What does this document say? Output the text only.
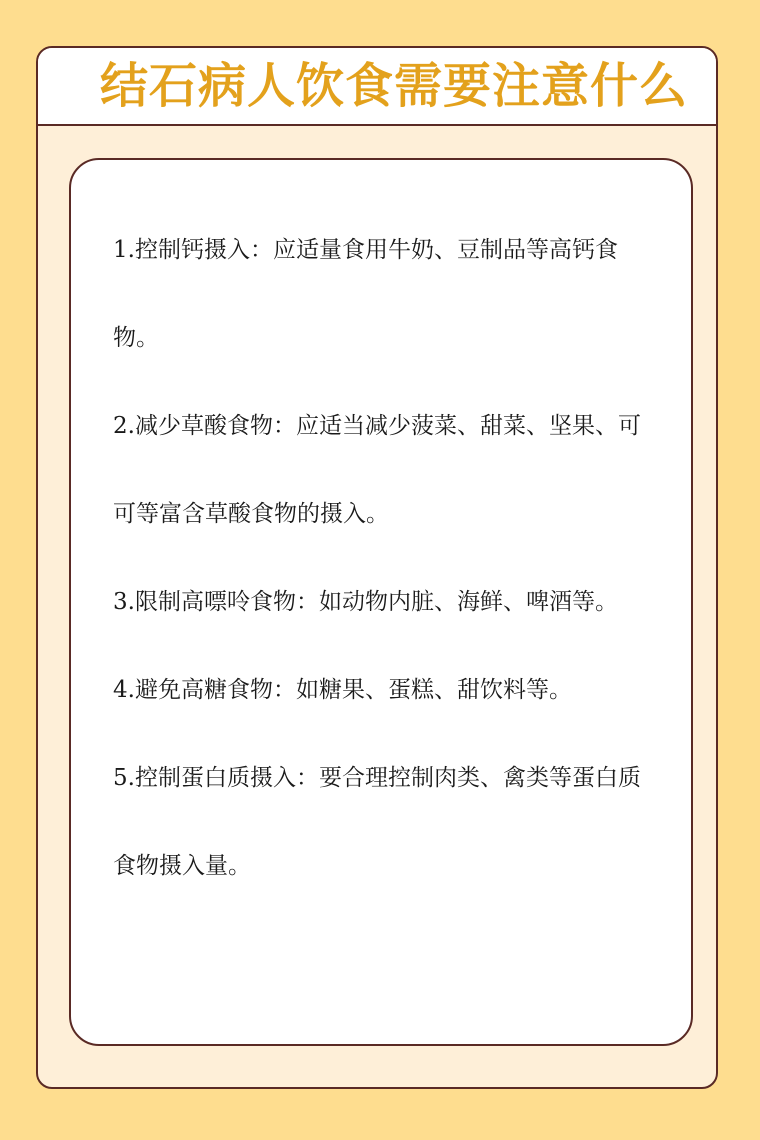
结石病人饮食需要注意什么

1.控制钙摄入：应适量食用牛奶、豆制品等高钙食物。

2.减少草酸食物：应适当减少菠菜、甜菜、坚果、可可等富含草酸食物的摄入。

3.限制高嘌呤食物：如动物内脏、海鲜、啤酒等。

4.避免高糖食物：如糖果、蛋糕、甜饮料等。

5.控制蛋白质摄入：要合理控制肉类、禽类等蛋白质食物摄入量。
